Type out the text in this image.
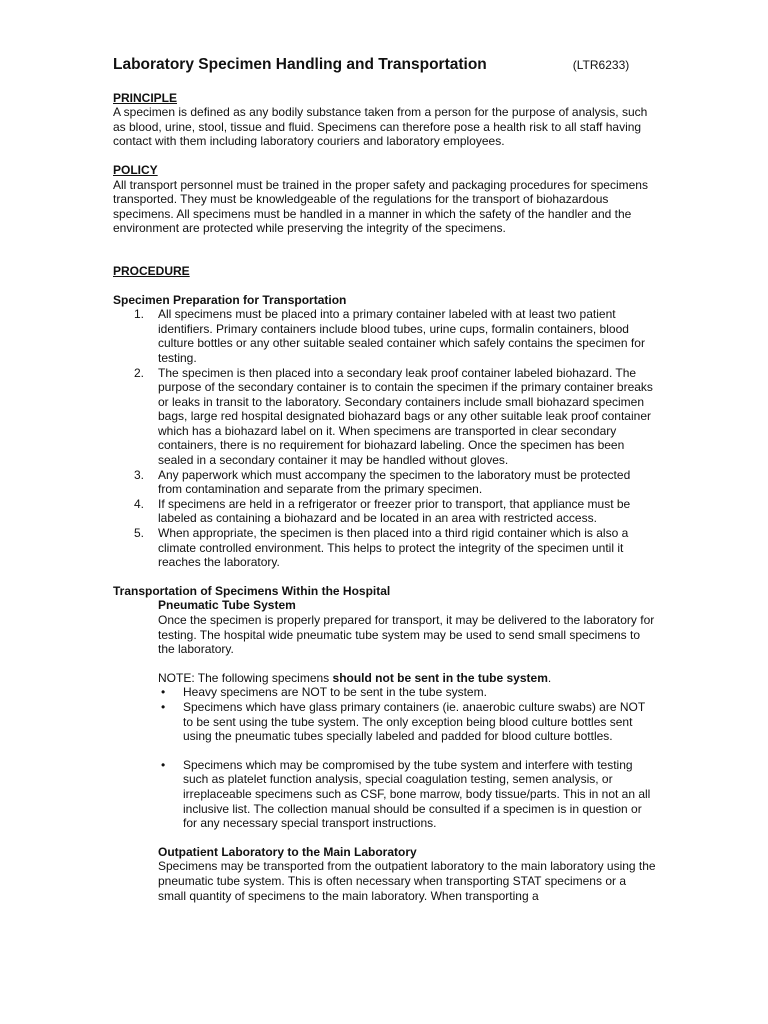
Laboratory Specimen Handling and Transportation	(LTR6233)

PRINCIPLE

A specimen is defined as any bodily substance taken from a person for the purpose of analysis, such as blood, urine, stool, tissue and fluid. Specimens can therefore pose a health risk to all staff having contact with them including laboratory couriers and laboratory employees.

POLICY

All transport personnel must be trained in the proper safety and packaging procedures for specimens transported. They must be knowledgeable of the regulations for the transport of biohazardous specimens. All specimens must be handled in a manner in which the safety of the handler and the environment are protected while preserving the integrity of the specimens.

PROCEDURE

Specimen Preparation for Transportation

1. All specimens must be placed into a primary container labeled with at least two patient identifiers. Primary containers include blood tubes, urine cups, formalin containers, blood culture bottles or any other suitable sealed container which safely contains the specimen for testing.
2. The specimen is then placed into a secondary leak proof container labeled biohazard. The purpose of the secondary container is to contain the specimen if the primary container breaks or leaks in transit to the laboratory. Secondary containers include small biohazard specimen bags, large red hospital designated biohazard bags or any other suitable leak proof container which has a biohazard label on it. When specimens are transported in clear secondary containers, there is no requirement for biohazard labeling. Once the specimen has been sealed in a secondary container it may be handled without gloves.
3. Any paperwork which must accompany the specimen to the laboratory must be protected from contamination and separate from the primary specimen.
4. If specimens are held in a refrigerator or freezer prior to transport, that appliance must be labeled as containing a biohazard and be located in an area with restricted access.
5. When appropriate, the specimen is then placed into a third rigid container which is also a climate controlled environment. This helps to protect the integrity of the specimen until it reaches the laboratory.

Transportation of Specimens Within the Hospital

Pneumatic Tube System

Once the specimen is properly prepared for transport, it may be delivered to the laboratory for testing. The hospital wide pneumatic tube system may be used to send small specimens to the laboratory.

NOTE: The following specimens should not be sent in the tube system.

• Heavy specimens are NOT to be sent in the tube system.
• Specimens which have glass primary containers (ie. anaerobic culture swabs) are NOT to be sent using the tube system. The only exception being blood culture bottles sent using the pneumatic tubes specially labeled and padded for blood culture bottles.
• Specimens which may be compromised by the tube system and interfere with testing such as platelet function analysis, special coagulation testing, semen analysis, or irreplaceable specimens such as CSF, bone marrow, body tissue/parts. This in not an all inclusive list. The collection manual should be consulted if a specimen is in question or for any necessary special transport instructions.

Outpatient Laboratory to the Main Laboratory

Specimens may be transported from the outpatient laboratory to the main laboratory using the pneumatic tube system. This is often necessary when transporting STAT specimens or a small quantity of specimens to the main laboratory. When transporting a
